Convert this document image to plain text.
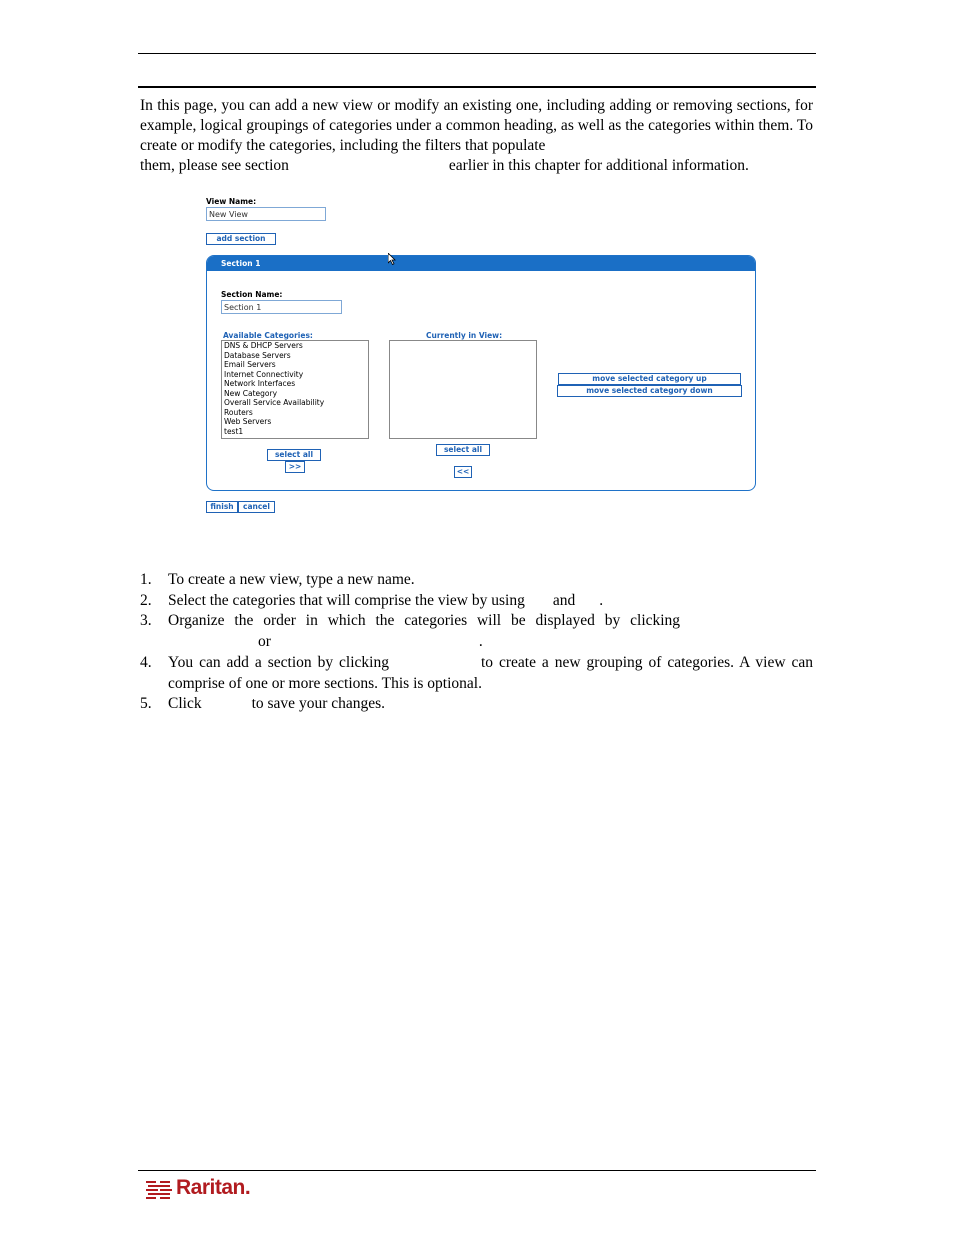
In this page, you can add a new view or modify an existing one, including adding or removing sections, for example, logical groupings of categories under a common heading, as well as the categories within them. To create or modify the categories, including the filters that populate
them, please see section	earlier in this chapter for additional information.

View Name:
New View
add section
Section 1
Section Name:
Section 1
Available Categories:	Currently in View:
DNS & DHCP Servers
Database Servers
Email Servers
Internet Connectivity
Network Interfaces
New Category
Overall Service Availability
Routers
Web Servers
test1
select all
>>
select all
<<
move selected category up
move selected category down
finish	cancel
1. To create a new view, type a new name.
2. Select the categories that will comprise the view by using and .
3. Organize the order in which the categories will be displayed by clicking
or	.
4. You can add a section by clicking	to create a new grouping of categories. A view can comprise of one or more sections. This is optional.
5. Click	to save your changes.
Raritan.
